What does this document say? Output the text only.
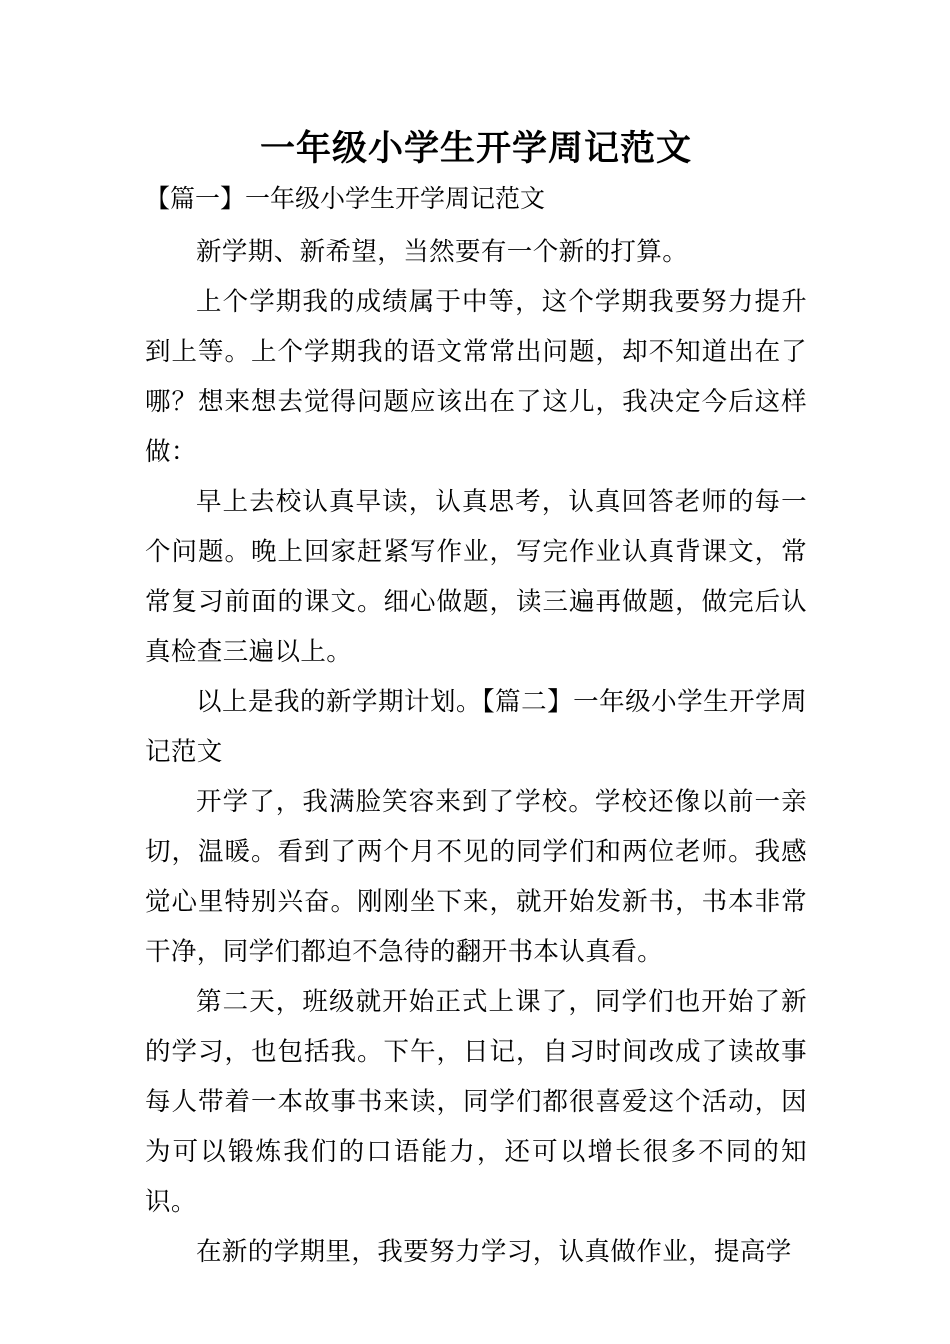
一年级小学生开学周记范文
【篇一】一年级小学生开学周记范文

新学期、新希望，当然要有一个新的打算。

上个学期我的成绩属于中等，这个学期我要努力提升到上等。上个学期我的语文常常出问题，却不知道出在了哪？想来想去觉得问题应该出在了这儿，我决定今后这样做：

早上去校认真早读，认真思考，认真回答老师的每一个问题。晚上回家赶紧写作业，写完作业认真背课文，常常复习前面的课文。细心做题，读三遍再做题，做完后认真检查三遍以上。

以上是我的新学期计划。【篇二】一年级小学生开学周记范文

开学了，我满脸笑容来到了学校。学校还像以前一亲切，温暖。看到了两个月不见的同学们和两位老师。我感觉心里特别兴奋。刚刚坐下来，就开始发新书，书本非常干净，同学们都迫不急待的翻开书本认真看。

第二天，班级就开始正式上课了，同学们也开始了新的学习，也包括我。下午，日记，自习时间改成了读故事每人带着一本故事书来读，同学们都很喜爱这个活动，因为可以锻炼我们的口语能力，还可以增长很多不同的知识。

在新的学期里，我要努力学习，认真做作业，提高学
